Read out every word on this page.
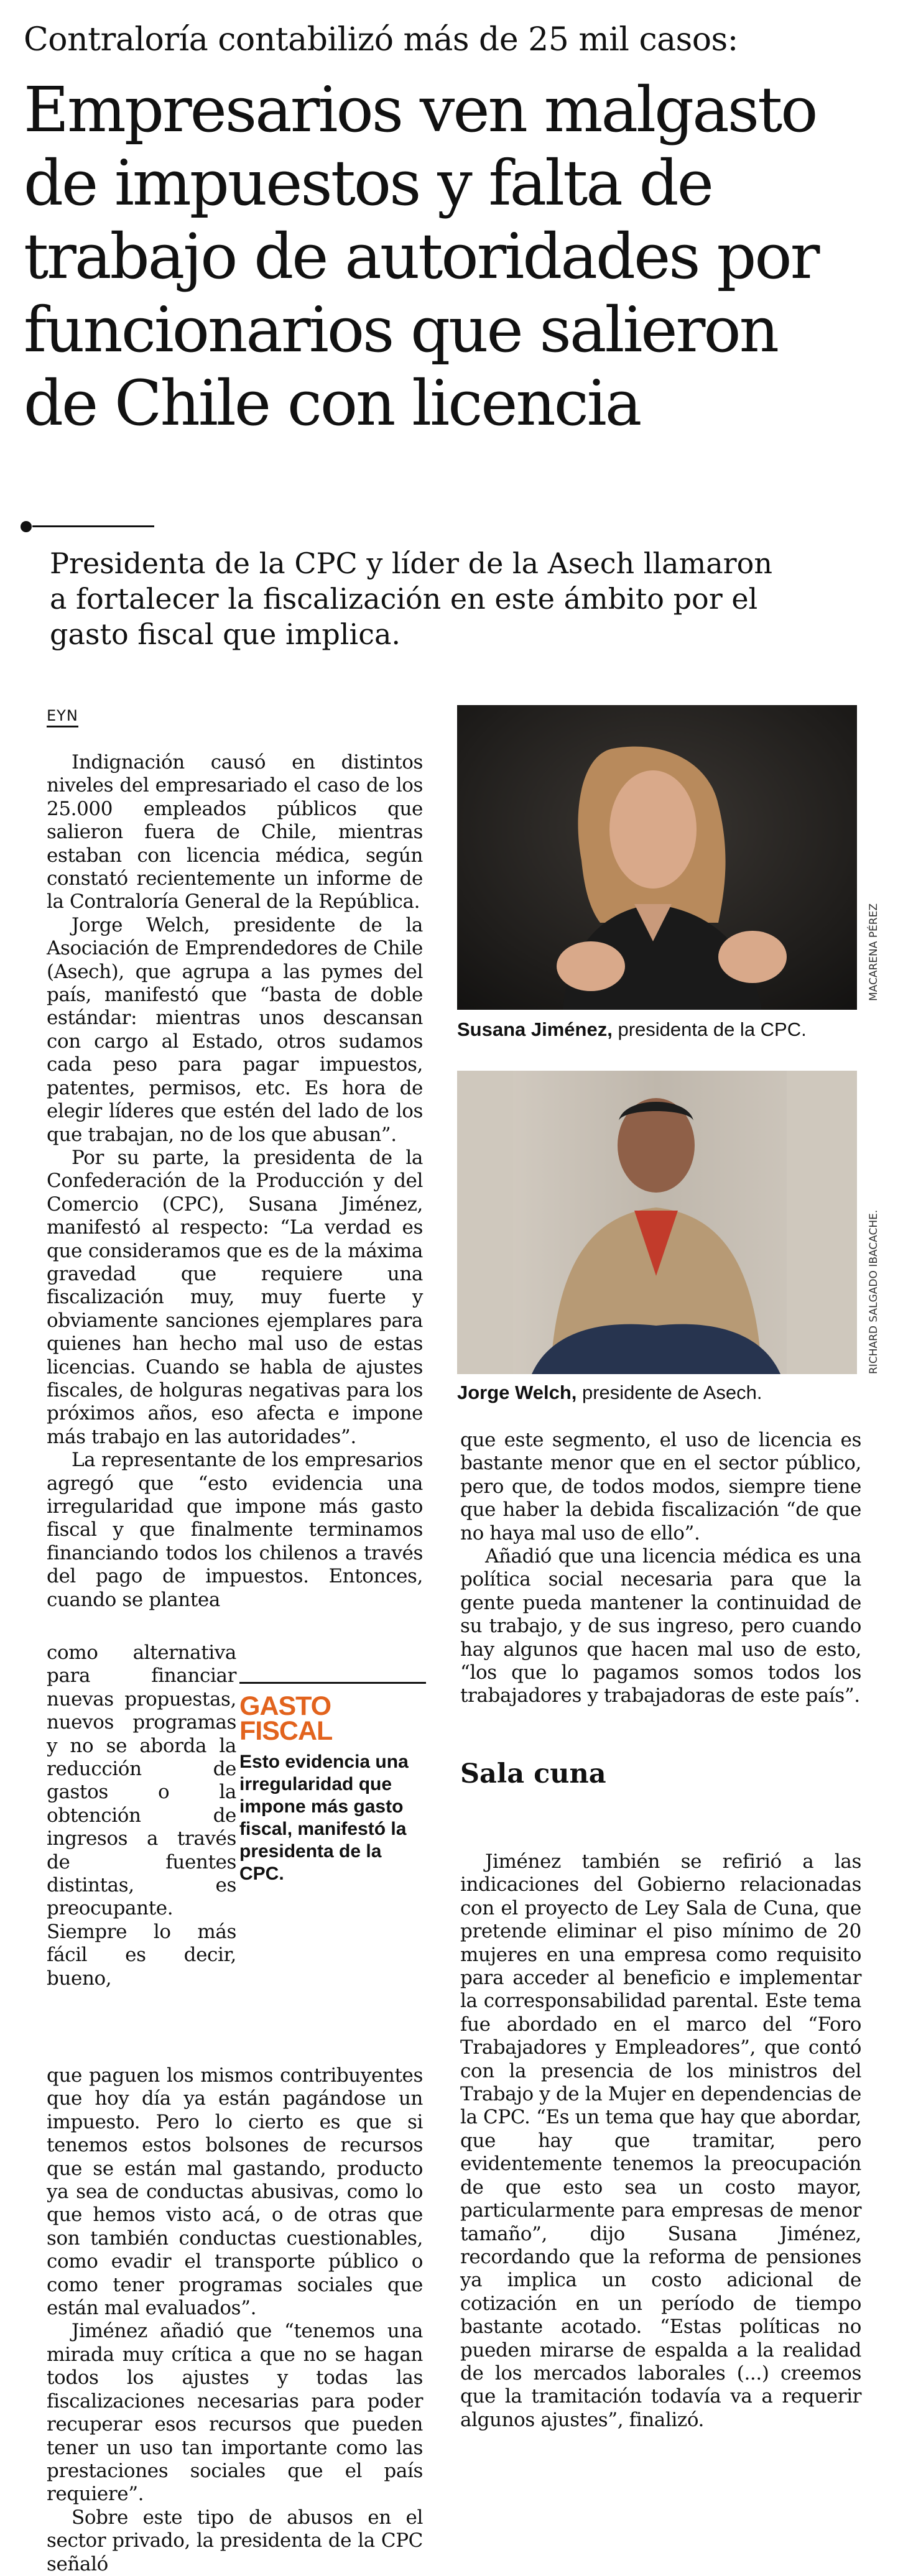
Contraloría contabilizó más de 25 mil casos:
Empresarios ven malgasto
de impuestos y falta de
trabajo de autoridades por
funcionarios que salieron
de Chile con licencia
Presidenta de la CPC y líder de la Asech llamaron
a fortalecer la fiscalización en este ámbito por el
gasto fiscal que implica.
EYN

Indignación causó en distintos niveles del empresariado el caso de los 25.000 empleados públicos que salieron fuera de Chile, mientras estaban con licencia médica, según constató recientemente un informe de la Contraloría General de la República.

Jorge Welch, presidente de la Asociación de Emprendedores de Chile (Asech), que agrupa a las pymes del país, manifestó que “basta de doble estándar: mientras unos descansan con cargo al Estado, otros sudamos cada peso para pagar impuestos, patentes, permisos, etc. Es hora de elegir líderes que estén del lado de los que trabajan, no de los que abusan”.

Por su parte, la presidenta de la Confederación de la Producción y del Comercio (CPC), Susana Jiménez, manifestó al respecto: “La verdad es que consideramos que es de la máxima gravedad que requiere una fiscalización muy, muy fuerte y obviamente sanciones ejemplares para quienes han hecho mal uso de estas licencias. Cuando se habla de ajustes fiscales, de holguras negativas para los próximos años, eso afecta e impone más trabajo en las autoridades”.

La representante de los empresarios agregó que “esto evidencia una irregularidad que impone más gasto fiscal y que finalmente terminamos financiando todos los chilenos a través del pago de impuestos. Entonces, cuando se plantea

como alternativa para financiar nuevas propuestas, nuevos programas y no se aborda la reducción de gastos o la obtención de ingresos a través de fuentes distintas, es preocupante. Siempre lo más fácil es decir, bueno,

GASTO
FISCAL
Esto evidencia una irregularidad que impone más gasto fiscal, manifestó la presidenta de la CPC.

que paguen los mismos contribuyentes que hoy día ya están pagándose un impuesto. Pero lo cierto es que si tenemos estos bolsones de recursos que se están mal gastando, producto ya sea de conductas abusivas, como lo que hemos visto acá, o de otras que son también conductas cuestionables, como evadir el transporte público o como tener programas sociales que están mal evaluados”.

Jiménez añadió que “tenemos una mirada muy crítica a que no se hagan todos los ajustes y todas las fiscalizaciones necesarias para poder recuperar esos recursos que pueden tener un uso tan importante como las prestaciones sociales que el país requiere”.

Sobre este tipo de abusos en el sector privado, la presidenta de la CPC señaló

MACARENA PÉREZ
Susana Jiménez, presidenta de la CPC.
RICHARD SALGADO IBACACHE.
Jorge Welch, presidente de Asech.

que este segmento, el uso de licencia es bastante menor que en el sector público, pero que, de todos modos, siempre tiene que haber la debida fiscalización “de que no haya mal uso de ello”.

Añadió que una licencia médica es una política social necesaria para que la gente pueda mantener la continuidad de su trabajo, y de sus ingreso, pero cuando hay algunos que hacen mal uso de esto, “los que lo pagamos somos todos los trabajadores y trabajadoras de este país”.

Sala cuna

Jiménez también se refirió a las indicaciones del Gobierno relacionadas con el proyecto de Ley Sala de Cuna, que pretende eliminar el piso mínimo de 20 mujeres en una empresa como requisito para acceder al beneficio e implementar la corresponsabilidad parental. Este tema fue abordado en el marco del “Foro Trabajadores y Empleadores”, que contó con la presencia de los ministros del Trabajo y de la Mujer en dependencias de la CPC. “Es un tema que hay que abordar, que hay que tramitar, pero evidentemente tenemos la preocupación de que esto sea un costo mayor, particularmente para empresas de menor tamaño”, dijo Susana Jiménez, recordando que la reforma de pensiones ya implica un costo adicional de cotización en un período de tiempo bastante acotado. “Estas políticas no pueden mirarse de espalda a la realidad de los mercados laborales (...) creemos que la tramitación todavía va a requerir algunos ajustes”, finalizó.
